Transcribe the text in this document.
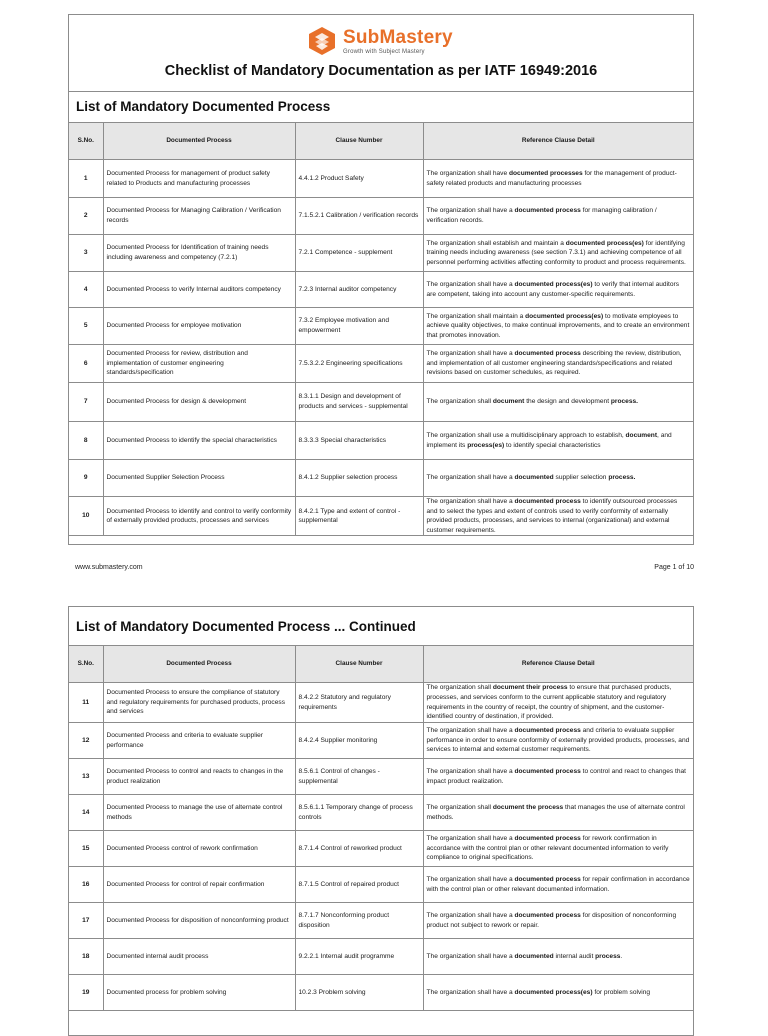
SubMastery
Growth with Subject Mastery
Checklist of Mandatory Documentation as per IATF 16949:2016
List of Mandatory Documented Process
S.No.	Documented Process	Clause Number	Reference Clause Detail
1	Documented Process for management of product safety related to Products and manufacturing processes	4.4.1.2 Product Safety	The organization shall have documented processes for the management of product-safety related products and manufacturing processes
2	Documented Process for Managing Calibration / Verification records	7.1.5.2.1 Calibration / verification records	The organization shall have a documented process for managing calibration / verification records.
3	Documented Process for Identification of training needs including awareness and competency (7.2.1)	7.2.1 Competence - supplement	The organization shall establish and maintain a documented process(es) for identifying training needs including awareness (see section 7.3.1) and achieving competence of all personnel performing activities affecting conformity to product and process requirements.
4	Documented Process to verify Internal auditors competency	7.2.3 Internal auditor competency	The organization shall have a documented process(es) to verify that internal auditors are competent, taking into account any customer-specific requirements.
5	Documented Process for employee motivation	7.3.2 Employee motivation and empowerment	The organization shall maintain a documented process(es) to motivate employees to achieve quality objectives, to make continual improvements, and to create an environment that promotes innovation.
6	Documented Process for review, distribution and implementation of customer engineering standards/specification	7.5.3.2.2 Engineering specifications	The organization shall have a documented process describing the review, distribution, and implementation of all customer engineering standards/specifications and related revisions based on customer schedules, as required.
7	Documented Process for design & development	8.3.1.1 Design and development of products and services - supplemental	The organization shall document the design and development process.
8	Documented Process to identify the special characteristics	8.3.3.3 Special characteristics	The organization shall use a multidisciplinary approach to establish, document, and implement its process(es) to identify special characteristics
9	Documented Supplier Selection Process	8.4.1.2 Supplier selection process	The organization shall have a documented supplier selection process.
10	Documented Process to identify and control to verify conformity of externally provided products, processes and services	8.4.2.1 Type and extent of control - supplemental	The organization shall have a documented process to identify outsourced processes and to select the types and extent of controls used to verify conformity of externally provided products, processes, and services to internal (organizational) and external customer requirements.
www.submastery.com	Page 1 of 10
List of Mandatory Documented Process ... Continued
S.No.	Documented Process	Clause Number	Reference Clause Detail
11	Documented Process to ensure the compliance of statutory and regulatory requirements for purchased products, process and services	8.4.2.2 Statutory and regulatory requirements	The organization shall document their process to ensure that purchased products, processes, and services conform to the current applicable statutory and regulatory requirements in the country of receipt, the country of shipment, and the customer-identified country of destination, if provided.
12	Documented Process and criteria to evaluate supplier performance	8.4.2.4 Supplier monitoring	The organization shall have a documented process and criteria to evaluate supplier performance in order to ensure conformity of externally provided products, processes, and services to internal and external customer requirements.
13	Documented Process to control and reacts to changes in the product realization	8.5.6.1 Control of changes - supplemental	The organization shall have a documented process to control and react to changes that impact product realization.
14	Documented Process to manage the use of alternate control methods	8.5.6.1.1 Temporary change of process controls	The organization shall document the process that manages the use of alternate control methods.
15	Documented Process control of rework confirmation	8.7.1.4 Control of reworked product	The organization shall have a documented process for rework confirmation in accordance with the control plan or other relevant documented information to verify compliance to original specifications.
16	Documented Process for control of repair confirmation	8.7.1.5 Control of repaired product	The organization shall have a documented process for repair confirmation in accordance with the control plan or other relevant documented information.
17	Documented Process for disposition of nonconforming product	8.7.1.7 Nonconforming product disposition	The organization shall have a documented process for disposition of nonconforming product not subject to rework or repair.
18	Documented internal audit process	9.2.2.1 Internal audit programme	The organization shall have a documented internal audit process.
19	Documented process for problem solving	10.2.3 Problem solving	The organization shall have a documented process(es) for problem solving
